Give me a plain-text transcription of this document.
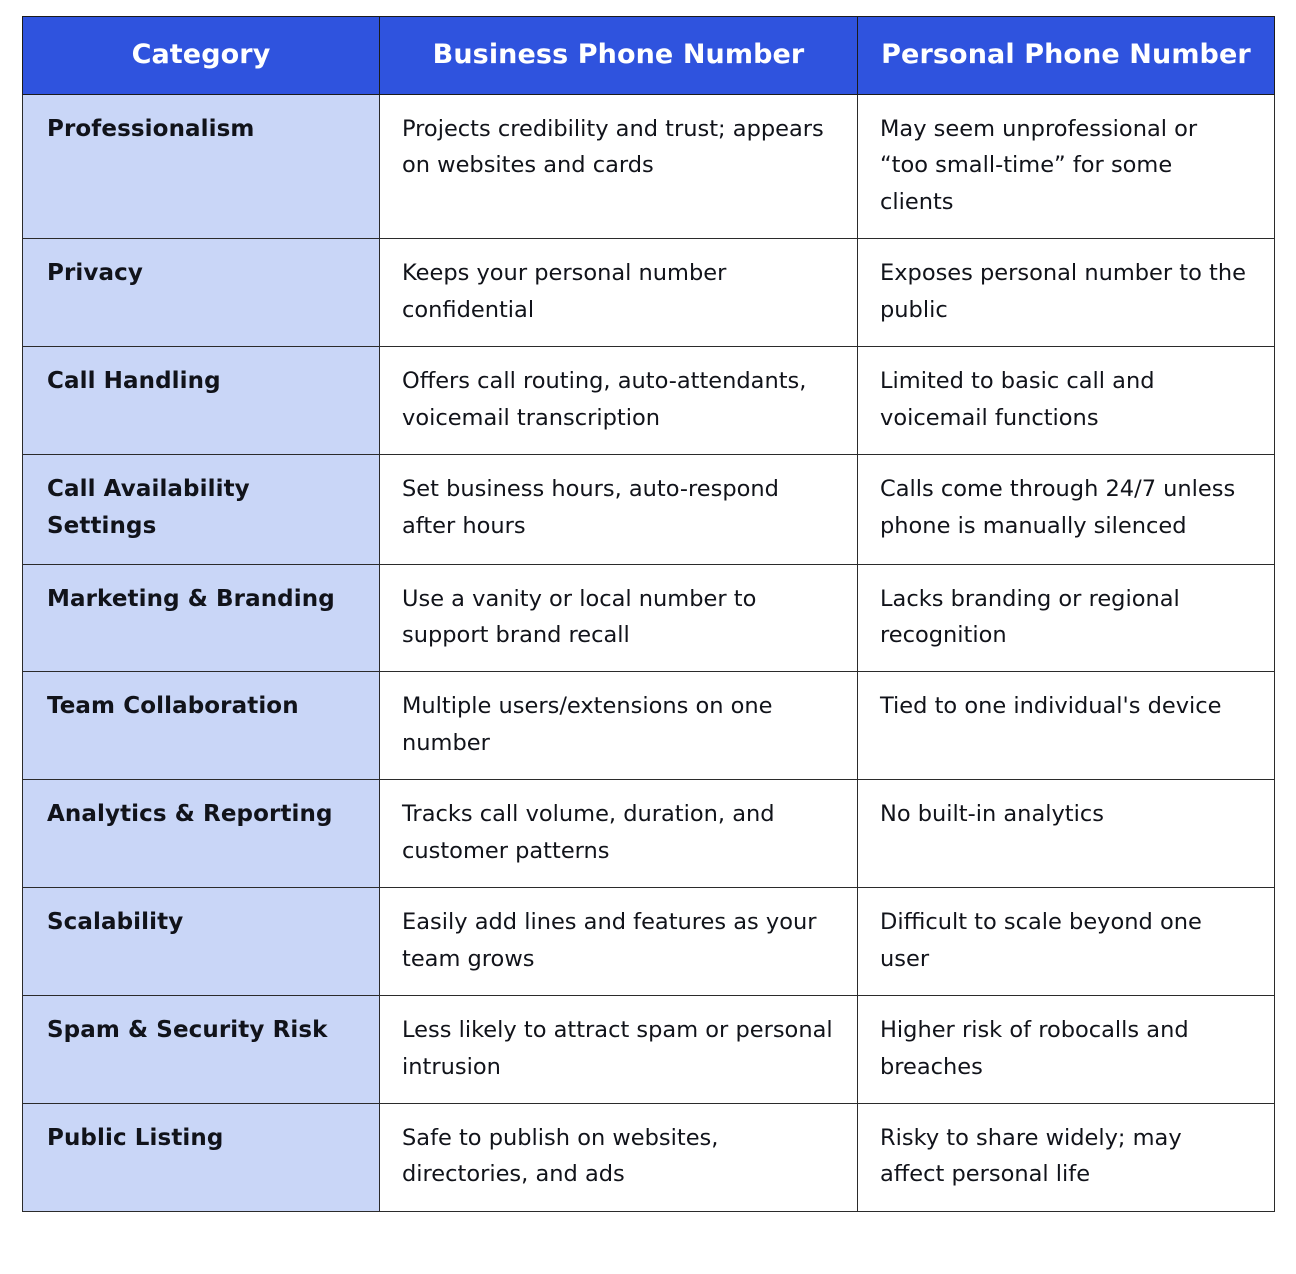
Category	Business Phone Number	Personal Phone Number
Professionalism	Projects credibility and trust; appears on websites and cards	May seem unprofessional or “too small-time” for some clients
Privacy	Keeps your personal number confidential	Exposes personal number to the public
Call Handling	Offers call routing, auto-attendants, voicemail transcription	Limited to basic call and voicemail functions
Call Availability Settings	Set business hours, auto-respond after hours	Calls come through 24/7 unless phone is manually silenced
Marketing & Branding	Use a vanity or local number to support brand recall	Lacks branding or regional recognition
Team Collaboration	Multiple users/extensions on one number	Tied to one individual's device
Analytics & Reporting	Tracks call volume, duration, and customer patterns	No built-in analytics
Scalability	Easily add lines and features as your team grows	Difficult to scale beyond one user
Spam & Security Risk	Less likely to attract spam or personal intrusion	Higher risk of robocalls and breaches
Public Listing	Safe to publish on websites, directories, and ads	Risky to share widely; may affect personal life
